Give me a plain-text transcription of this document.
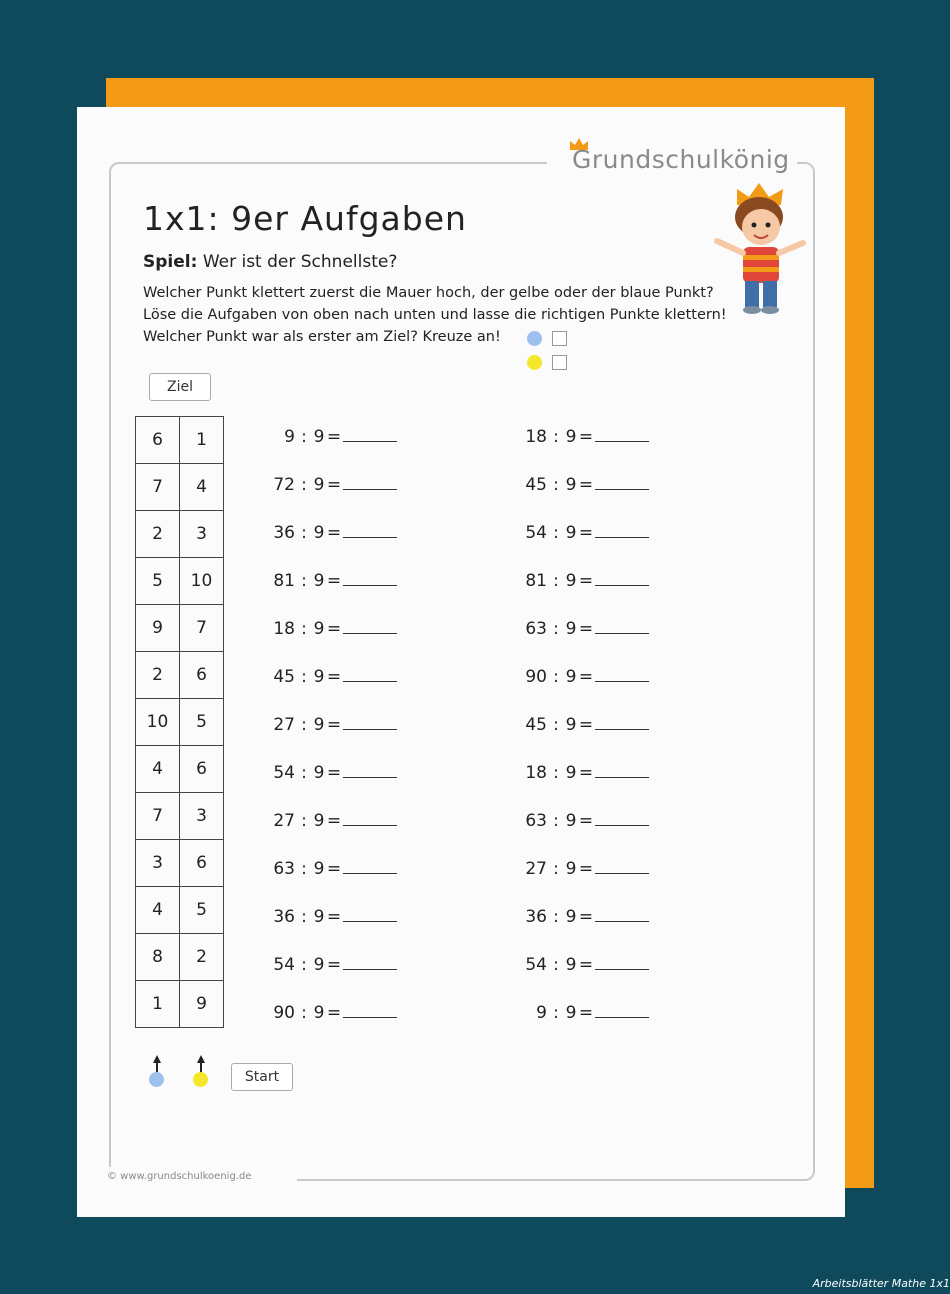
Grundschulkönig
1x1: 9er Aufgaben
Spiel: Wer ist der Schnellste?
Welcher Punkt klettert zuerst die Mauer hoch, der gelbe oder der blaue Punkt?
Löse die Aufgaben von oben nach unten und lasse die richtigen Punkte klettern!
Welcher Punkt war als erster am Ziel? Kreuze an!
Ziel
6	1
7	4
2	3
5	10
9	7
2	6
10	5
4	6
7	3
3	6
4	5
8	2
1	9
9 : 9 =
72 : 9 =
36 : 9 =
81 : 9 =
18 : 9 =
45 : 9 =
27 : 9 =
54 : 9 =
27 : 9 =
63 : 9 =
36 : 9 =
54 : 9 =
90 : 9 =
18 : 9 =
45 : 9 =
54 : 9 =
81 : 9 =
63 : 9 =
90 : 9 =
45 : 9 =
18 : 9 =
63 : 9 =
27 : 9 =
36 : 9 =
54 : 9 =
9 : 9 =
Start
© www.grundschulkoenig.de
Arbeitsblätter Mathe 1x1
